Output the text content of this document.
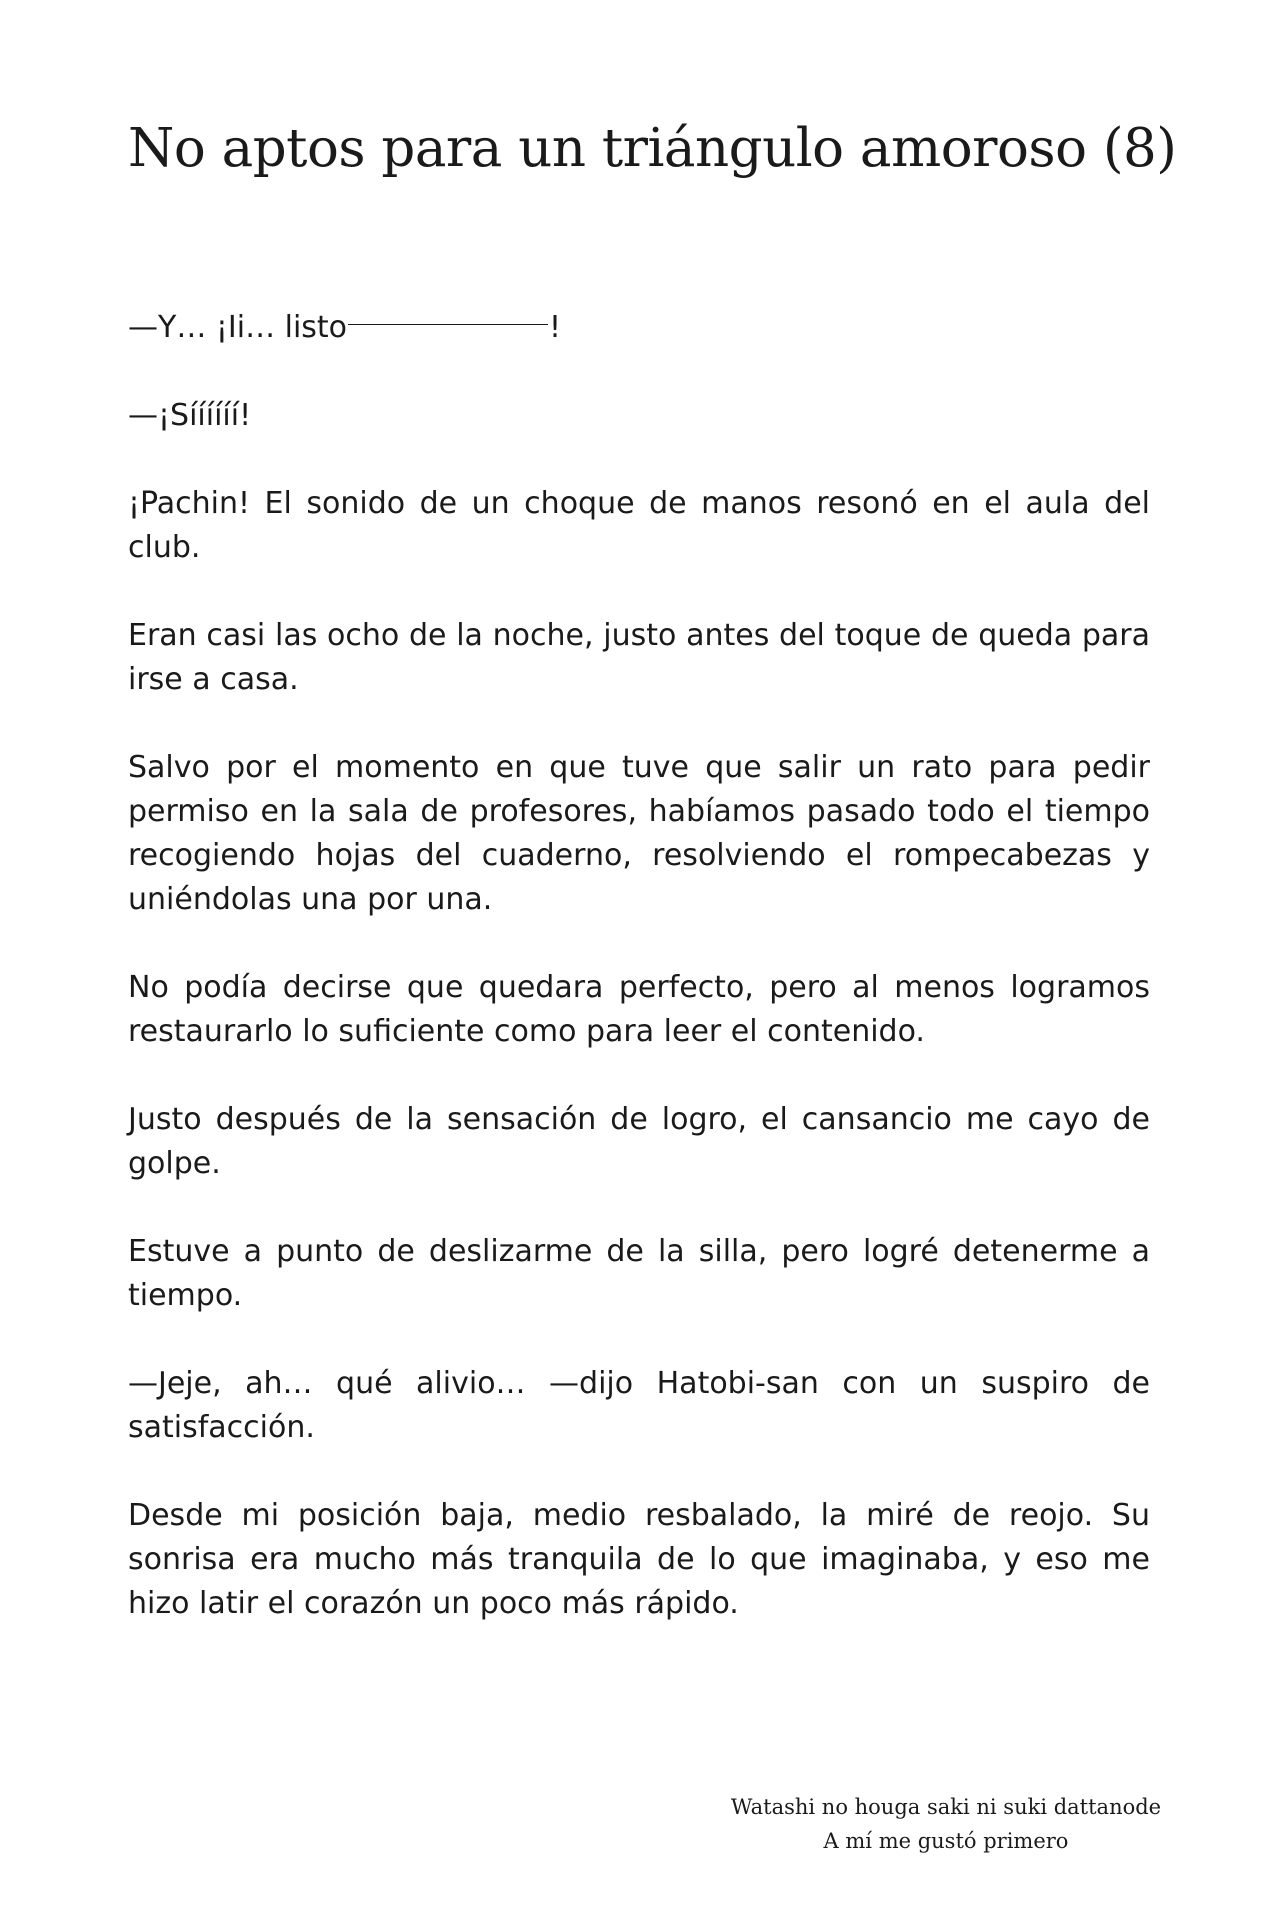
No aptos para un triángulo amoroso (8)

—Y… ¡Ii… listo	!

—¡Síííííí!

¡Pachin! El sonido de un choque de manos resonó en el aula del club.

Eran casi las ocho de la noche, justo antes del toque de queda para irse a casa.

Salvo por el momento en que tuve que salir un rato para pedir permiso en la sala de profesores, habíamos pasado todo el tiempo recogiendo hojas del cuaderno, resolviendo el rompecabezas y uniéndolas una por una.

No podía decirse que quedara perfecto, pero al menos logramos restaurarlo lo suficiente como para leer el contenido.

Justo después de la sensación de logro, el cansancio me cayo de golpe.

Estuve a punto de deslizarme de la silla, pero logré detenerme a tiempo.

—Jeje, ah… qué alivio… —dijo Hatobi-san con un suspiro de satisfacción.

Desde mi posición baja, medio resbalado, la miré de reojo. Su sonrisa era mucho más tranquila de lo que imaginaba, y eso me hizo latir el corazón un poco más rápido.

Watashi no houga saki ni suki dattanode
A mí me gustó primero
